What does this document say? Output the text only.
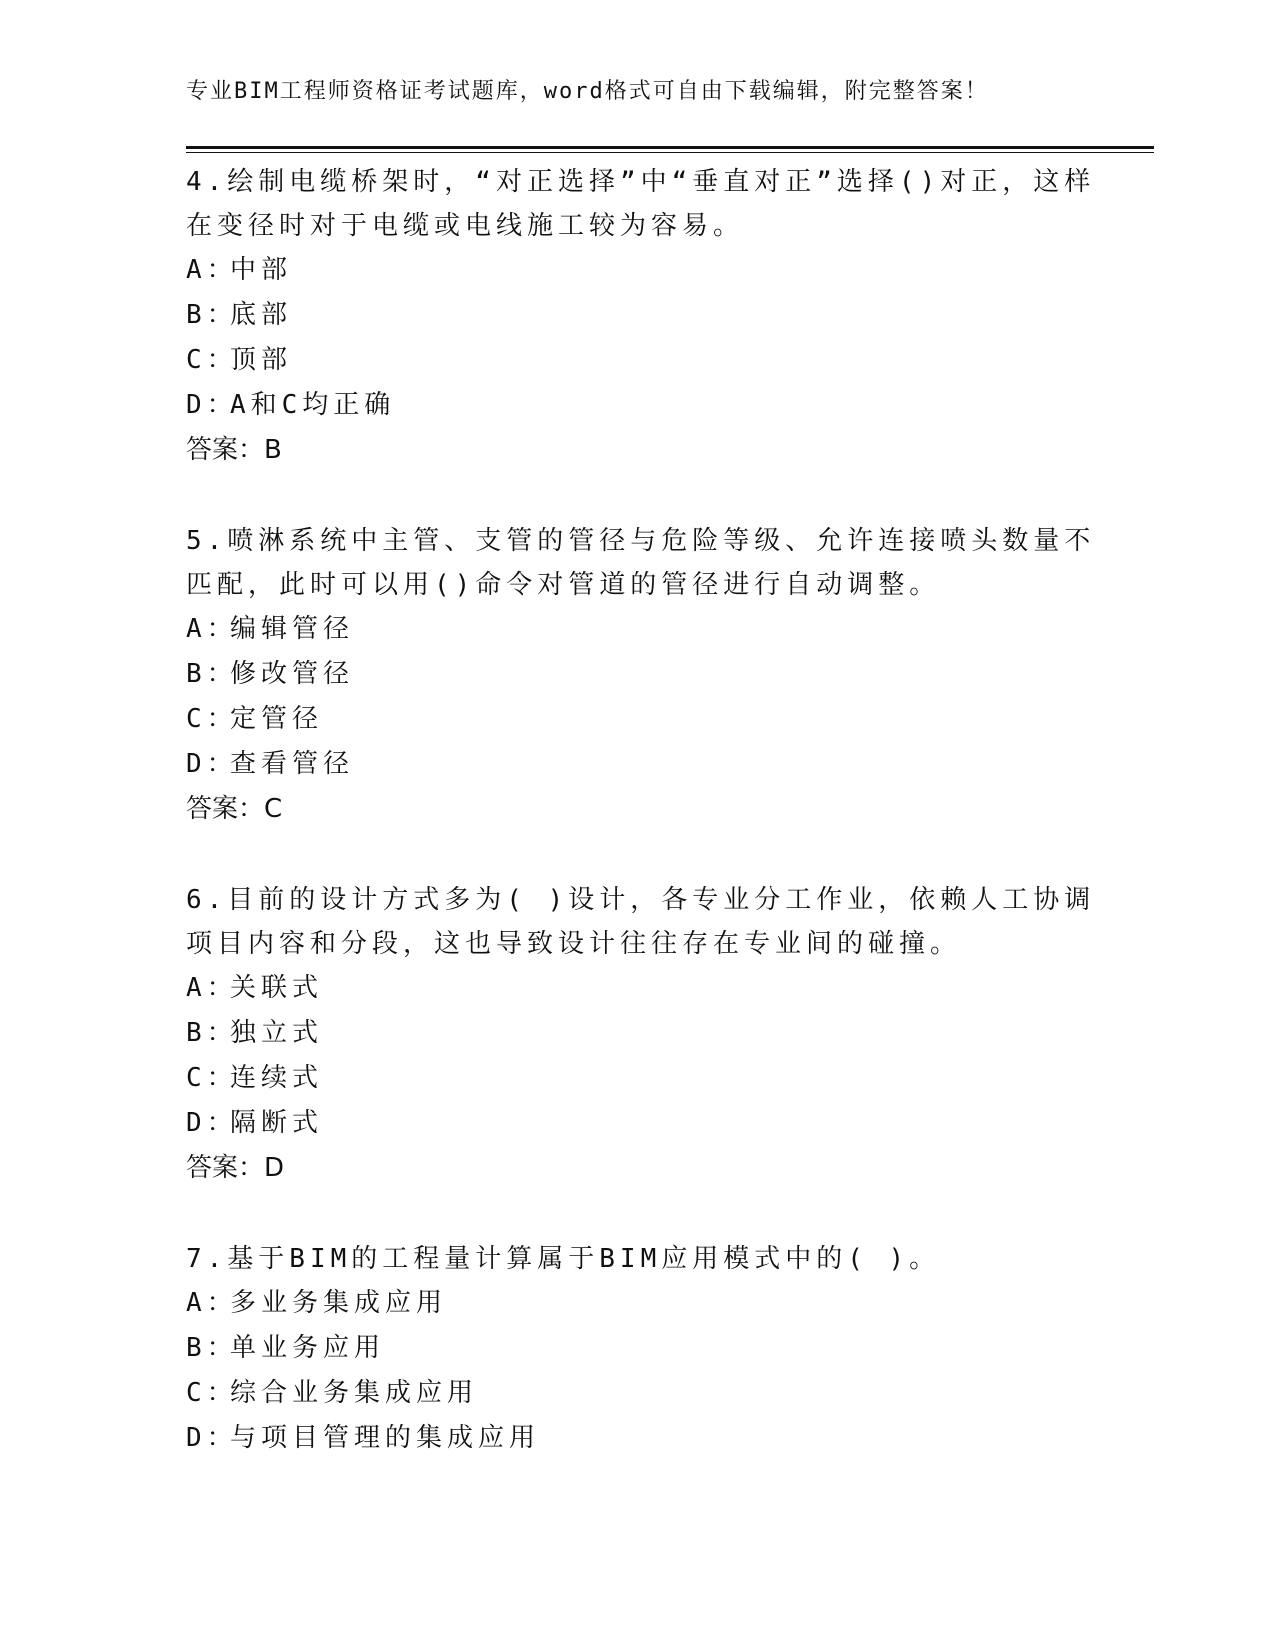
专业BIM工程师资格证考试题库，word格式可自由下载编辑，附完整答案！

4.绘制电缆桥架时，“对正选择”中“垂直对正”选择()对正，这样在变径时对于电缆或电线施工较为容易。

A：中部

B：底部

C：顶部

D：A和C均正确

答案：B

5.喷淋系统中主管、支管的管径与危险等级、允许连接喷头数量不匹配，此时可以用()命令对管道的管径进行自动调整。

A：编辑管径

B：修改管径

C：定管径

D：查看管径

答案：C

6.目前的设计方式多为( )设计，各专业分工作业，依赖人工协调项目内容和分段，这也导致设计往往存在专业间的碰撞。

A：关联式

B：独立式

C：连续式

D：隔断式

答案：D

7.基于BIM的工程量计算属于BIM应用模式中的( )。

A：多业务集成应用

B：单业务应用

C：综合业务集成应用

D：与项目管理的集成应用
